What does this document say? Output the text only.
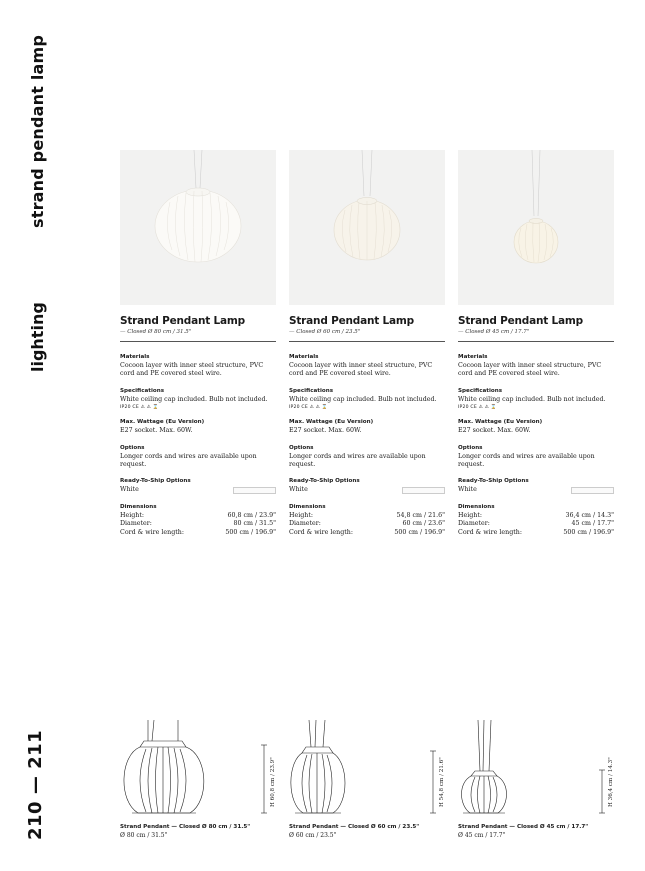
strand pendant lamp
lighting
210 — 211
Strand Pendant Lamp
— Closed Ø 80 cm / 31.5"
Materials
Cocoon layer with inner steel structure, PVC cord and PE covered steel wire.
Specifications
White ceiling cap included. Bulb not included.
IP20 CE ⚠ ⚠ ⌛
Max. Wattage (Eu Version)
E27 socket. Max. 60W.
Options
Longer cords and wires are available upon request.
Ready-To-Ship Options
White
Dimensions
Height:	60,8 cm / 23.9"
Diameter:	80 cm / 31.5"
Cord & wire length:	500 cm / 196.9"
Strand Pendant Lamp
— Closed Ø 60 cm / 23.5"
Materials
Cocoon layer with inner steel structure, PVC cord and PE covered steel wire.
Specifications
White ceiling cap included. Bulb not included.
IP20 CE ⚠ ⚠ ⌛
Max. Wattage (Eu Version)
E27 socket. Max. 60W.
Options
Longer cords and wires are available upon request.
Ready-To-Ship Options
White
Dimensions
Height:	54,8 cm / 21.6"
Diameter:	60 cm / 23.6"
Cord & wire length:	500 cm / 196.9"
Strand Pendant Lamp
— Closed Ø 45 cm / 17.7"
Materials
Cocoon layer with inner steel structure, PVC cord and PE covered steel wire.
Specifications
White ceiling cap included. Bulb not included.
IP20 CE ⚠ ⚠ ⌛
Max. Wattage (Eu Version)
E27 socket. Max. 60W.
Options
Longer cords and wires are available upon request.
Ready-To-Ship Options
White
Dimensions
Height:	36,4 cm / 14.3"
Diameter:	45 cm / 17.7"
Cord & wire length:	500 cm / 196.9"
H 60,8 cm / 23.9"	H 54,8 cm / 21.6"	H 36,4 cm / 14.3"
Strand Pendant — Closed Ø 80 cm / 31.5"
Ø 80 cm / 31.5"
Strand Pendant — Closed Ø 60 cm / 23.5"
Ø 60 cm / 23.5"
Strand Pendant — Closed Ø 45 cm / 17.7"
Ø 45 cm / 17.7"
